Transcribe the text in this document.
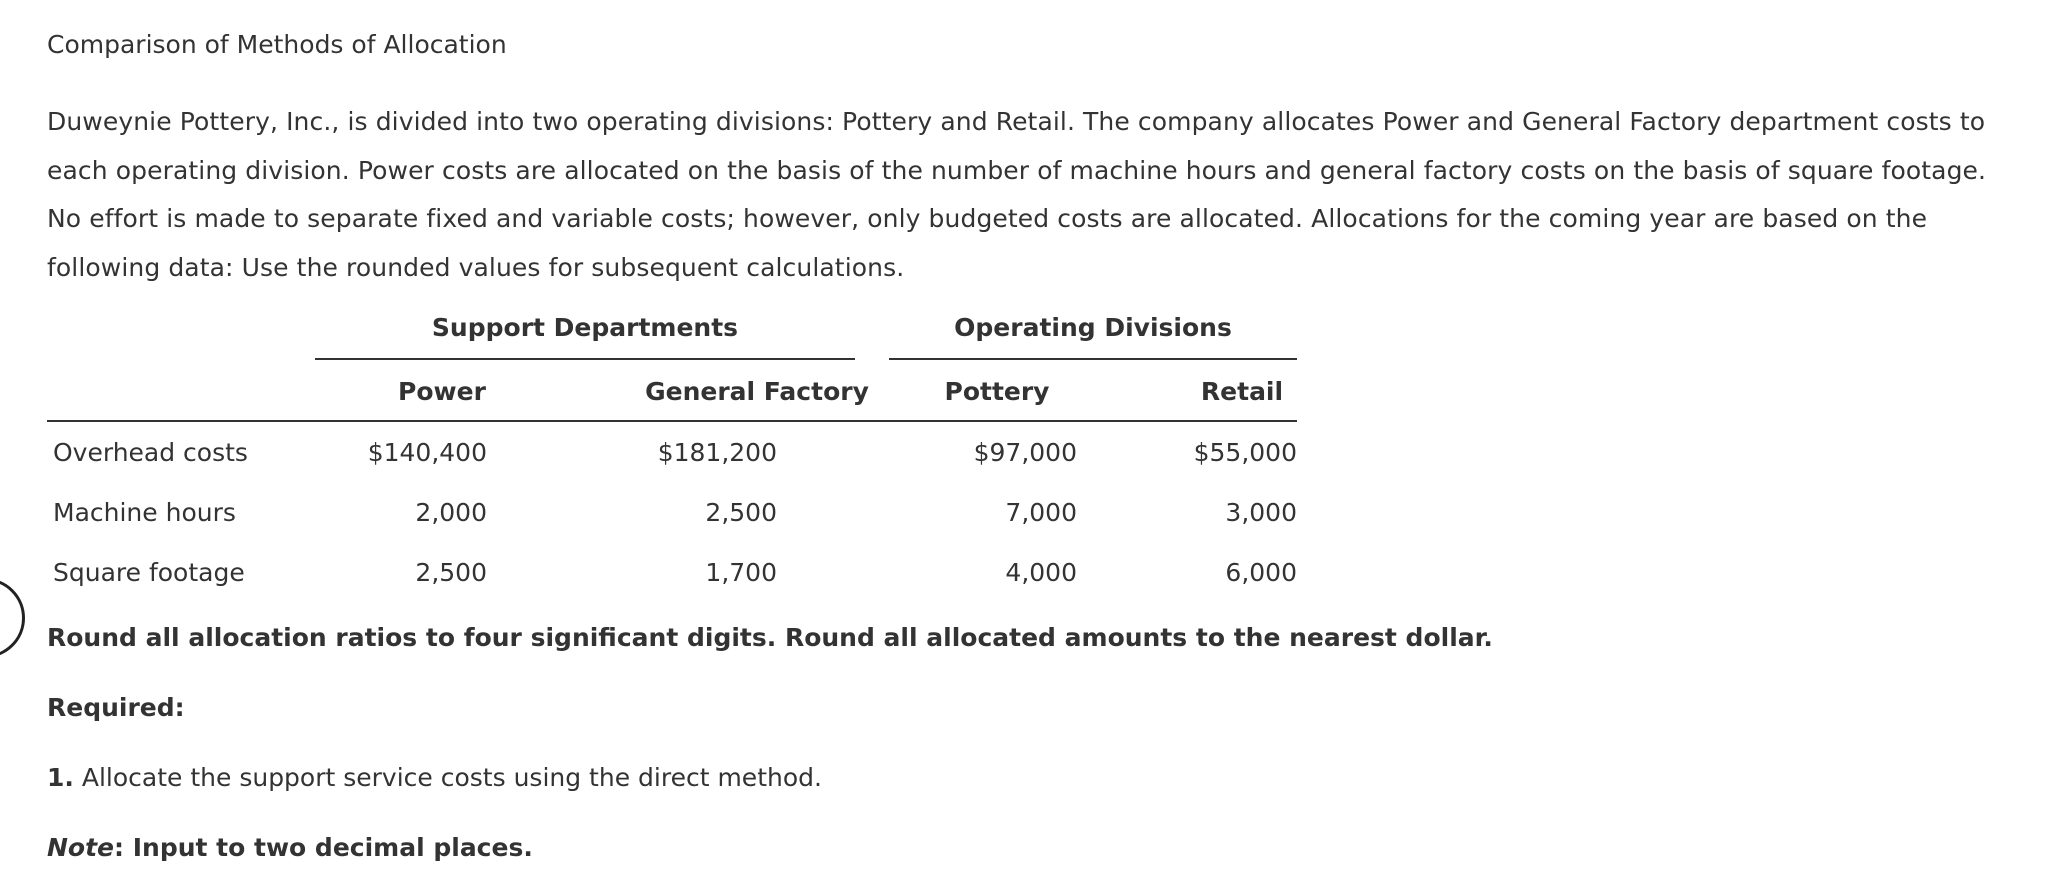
Comparison of Methods of Allocation
Duweynie Pottery, Inc., is divided into two operating divisions: Pottery and Retail. The company allocates Power and General Factory department costs to each operating division. Power costs are allocated on the basis of the number of machine hours and general factory costs on the basis of square footage. No effort is made to separate fixed and variable costs; however, only budgeted costs are allocated. Allocations for the coming year are based on the following data: Use the rounded values for subsequent calculations.
Support Departments	Operating Divisions
Power	General Factory	Pottery	Retail
Overhead costs	$140,400	$181,200	$97,000	$55,000
Machine hours	2,000	2,500	7,000	3,000
Square footage	2,500	1,700	4,000	6,000
Round all allocation ratios to four significant digits. Round all allocated amounts to the nearest dollar.
Required:
1. Allocate the support service costs using the direct method.
Note: Input to two decimal places.
